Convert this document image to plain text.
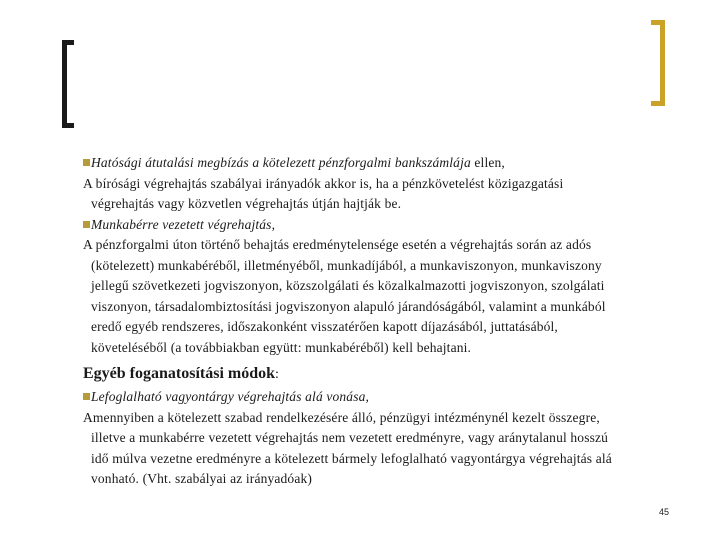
Hatósági átutalási megbízás a kötelezett pénzforgalmi bankszámlája ellen,
A bírósági végrehajtás szabályai irányadók akkor is, ha a pénzkövetelést közigazgatási
végrehajtás vagy közvetlen végrehajtás útján hajtják be.
Munkabérre vezetett végrehajtás,
A pénzforgalmi úton történő behajtás eredménytelensége esetén a végrehajtás során az adós
(kötelezett) munkabéréből, illetményéből, munkadíjából, a munkaviszonyon, munkaviszony
jellegű szövetkezeti jogviszonyon, közszolgálati és közalkalmazotti jogviszonyon, szolgálati
viszonyon, társadalombiztosítási jogviszonyon alapuló járandóságából, valamint a munkából
eredő egyéb rendszeres, időszakonként visszatérően kapott díjazásából, juttatásából,
követeléséből (a továbbiakban együtt: munkabéréből) kell behajtani.
Egyéb foganatosítási módok:
Lefoglalható vagyontárgy végrehajtás alá vonása,
Amennyiben a kötelezett szabad rendelkezésére álló, pénzügyi intézménynél kezelt összegre,
illetve a munkabérre vezetett végrehajtás nem vezetett eredményre, vagy aránytalanul hosszú
idő múlva vezetne eredményre a kötelezett bármely lefoglalható vagyontárgya végrehajtás alá
vonható. (Vht. szabályai az irányadóak)
45
